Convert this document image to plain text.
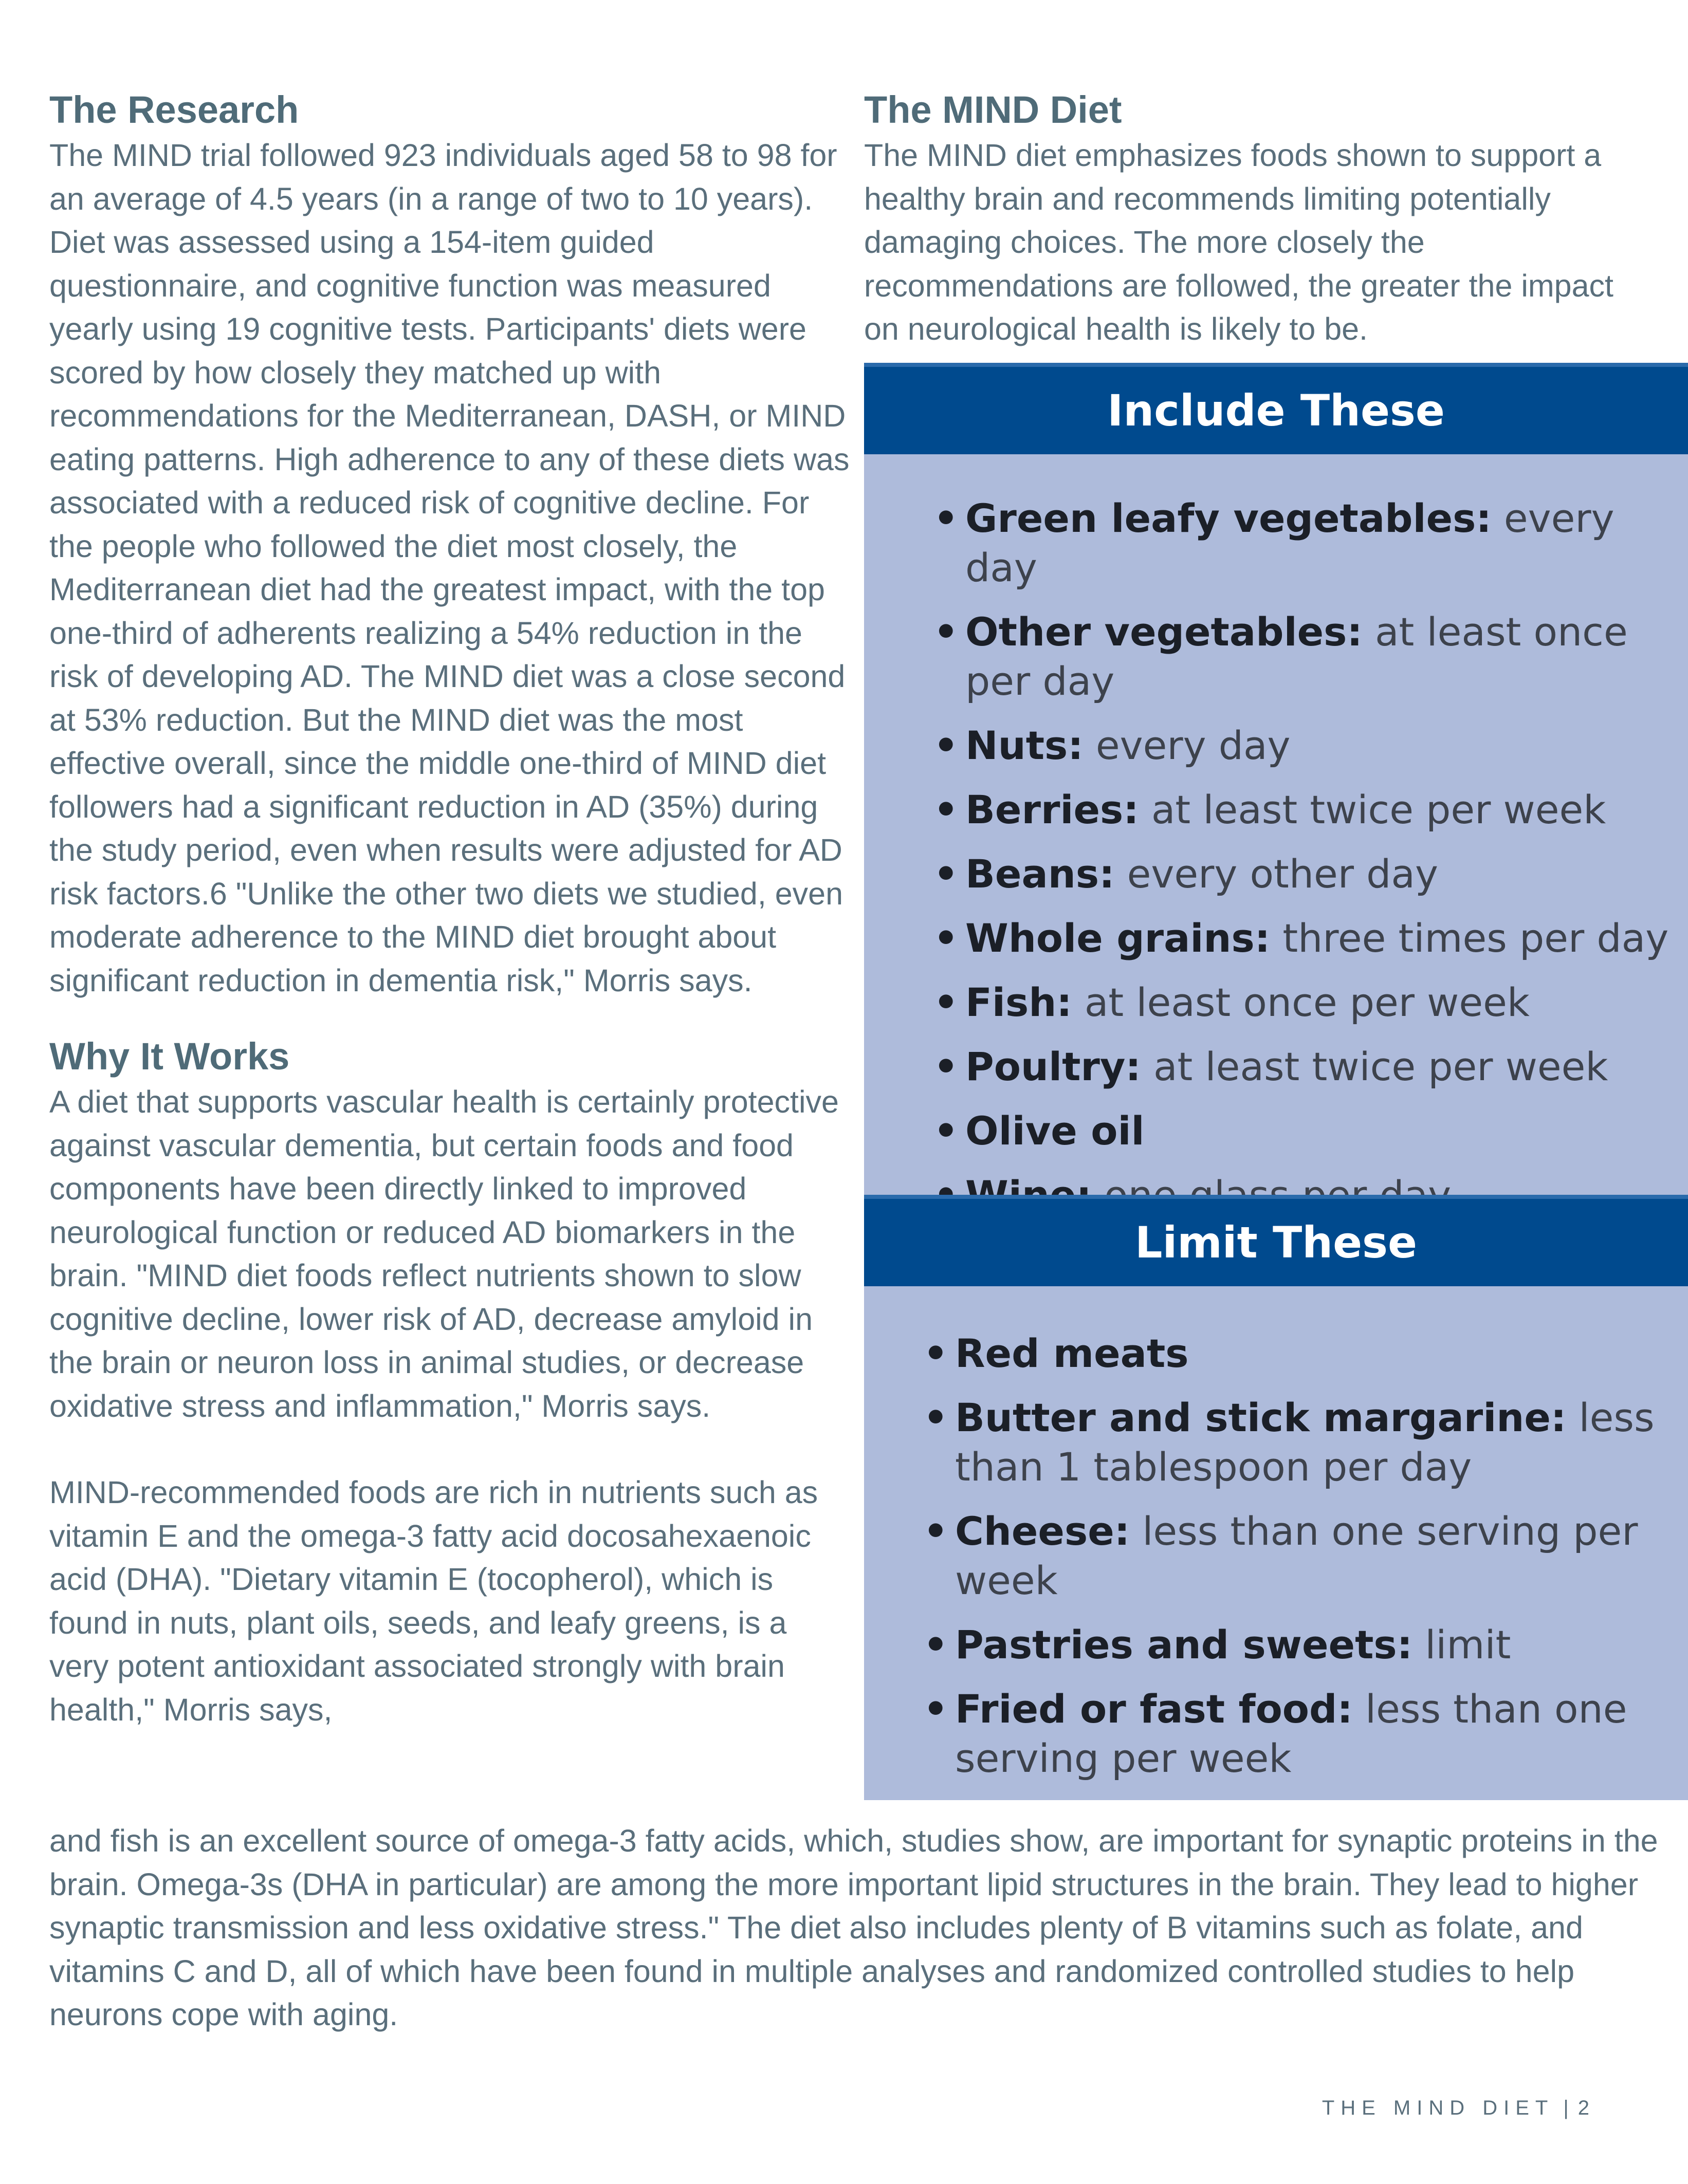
The Research

The MIND trial followed 923 individuals aged 58 to 98 for an average of 4.5 years (in a range of two to 10 years). Diet was assessed using a 154-item guided questionnaire, and cognitive function was measured yearly using 19 cognitive tests. Participants' diets were scored by how closely they matched up with recommendations for the Mediterranean, DASH, or MIND eating patterns. High adherence to any of these diets was associated with a reduced risk of cognitive decline. For the people who followed the diet most closely, the Mediterranean diet had the greatest impact, with the top one-third of adherents realizing a 54% reduction in the risk of developing AD. The MIND diet was a close second at 53% reduction. But the MIND diet was the most effective overall, since the middle one-third of MIND diet followers had a significant reduction in AD (35%) during the study period, even when results were adjusted for AD risk factors.6 "Unlike the other two diets we studied, even moderate adherence to the MIND diet brought about significant reduction in dementia risk," Morris says.

Why It Works

A diet that supports vascular health is certainly protective against vascular dementia, but certain foods and food components have been directly linked to improved neurological function or reduced AD biomarkers in the brain. "MIND diet foods reflect nutrients shown to slow cognitive decline, lower risk of AD, decrease amyloid in the brain or neuron loss in animal studies, or decrease oxidative stress and inflammation," Morris says.

MIND-recommended foods are rich in nutrients such as vitamin E and the omega-3 fatty acid docosahexaenoic acid (DHA). "Dietary vitamin E (tocopherol), which is found in nuts, plant oils, seeds, and leafy greens, is a very potent antioxidant associated strongly with brain health," Morris says,

The MIND Diet

The MIND diet emphasizes foods shown to support a healthy brain and recommends limiting potentially damaging choices. The more closely the recommendations are followed, the greater the impact on neurological health is likely to be.

Include These
• Green leafy vegetables: every day
• Other vegetables: at least once per day
• Nuts: every day
• Berries: at least twice per week
• Beans: every other day
• Whole grains: three times per day
• Fish: at least once per week
• Poultry: at least twice per week
• Olive oil
•
Limit These
• Red meats
• Butter and stick margarine: less than 1 tablespoon per day
• Cheese: less than one serving per week
• Pastries and sweets: limit
• Fried or fast food: less than one serving per week

and fish is an excellent source of omega-3 fatty acids, which, studies show, are important for synaptic proteins in the brain. Omega-3s (DHA in particular) are among the more important lipid structures in the brain. They lead to higher synaptic transmission and less oxidative stress." The diet also includes plenty of B vitamins such as folate, and vitamins C and D, all of which have been found in multiple analyses and randomized controlled studies to help neurons cope with aging.

THE MIND DIET | 2
